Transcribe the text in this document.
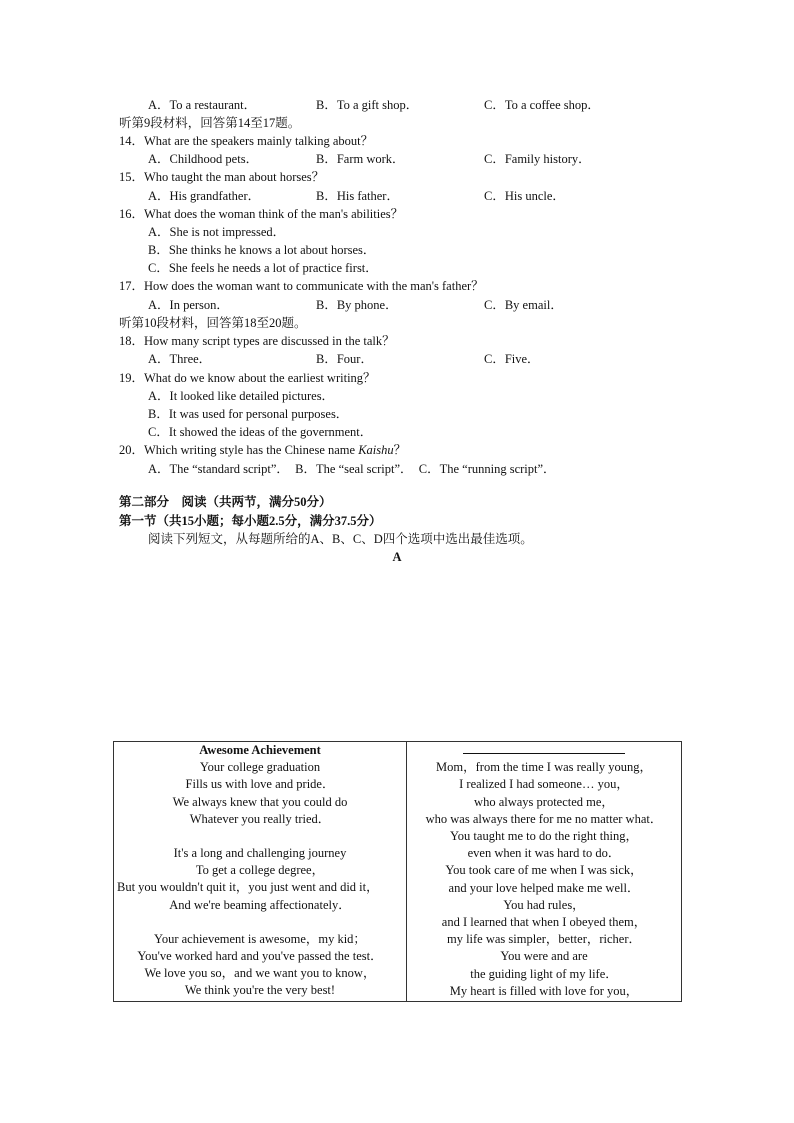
A．To a restaurant．	B．To a gift shop．	C．To a coffee shop．
听第9段材料，回答第14至17题。
14．What are the speakers mainly talking about？
A．Childhood pets．	B．Farm work．	C．Family history．
15．Who taught the man about horses？
A．His grandfather．	B．His father．	C．His uncle．
16．What does the woman think of the man's abilities？
A．She is not impressed．
B．She thinks he knows a lot about horses．
C．She feels he needs a lot of practice first．
17．How does the woman want to communicate with the man's father？
A．In person．	B．By phone．	C．By email．
听第10段材料，回答第18至20题。
18．How many script types are discussed in the talk？
A．Three．	B．Four．	C．Five．
19．What do we know about the earliest writing？
A．It looked like detailed pictures．
B．It was used for personal purposes．
C．It showed the ideas of the government．
20．Which writing style has the Chinese name Kaishu？
A．The “standard script”．  B．The “seal script”．  C．The “running script”．
第二部分　阅读（共两节，满分50分）
第一节（共15小题；每小题2.5分，满分37.5分）
阅读下列短文，从每题所给的A、B、C、D四个选项中选出最佳选项。
A
Awesome Achievement
Your college graduation
Fills us with love and pride．
We always knew that you could do
Whatever you really tried．
It's a long and challenging journey
To get a college degree，
But you wouldn't quit it，you just went and did it，
And we're beaming affectionately．
Your achievement is awesome，my kid；
You've worked hard and you've passed the test．
We love you so，and we want you to know，
We think you're the very best!

Mom，from the time I was really young，
I realized I had someone… you，
who always protected me，
who was always there for me no matter what．
You taught me to do the right thing，
even when it was hard to do．
You took care of me when I was sick，
and your love helped make me well．
You had rules，
and I learned that when I obeyed them，
my life was simpler，better，richer．
You were and are
the guiding light of my life．
My heart is filled with love for you，
